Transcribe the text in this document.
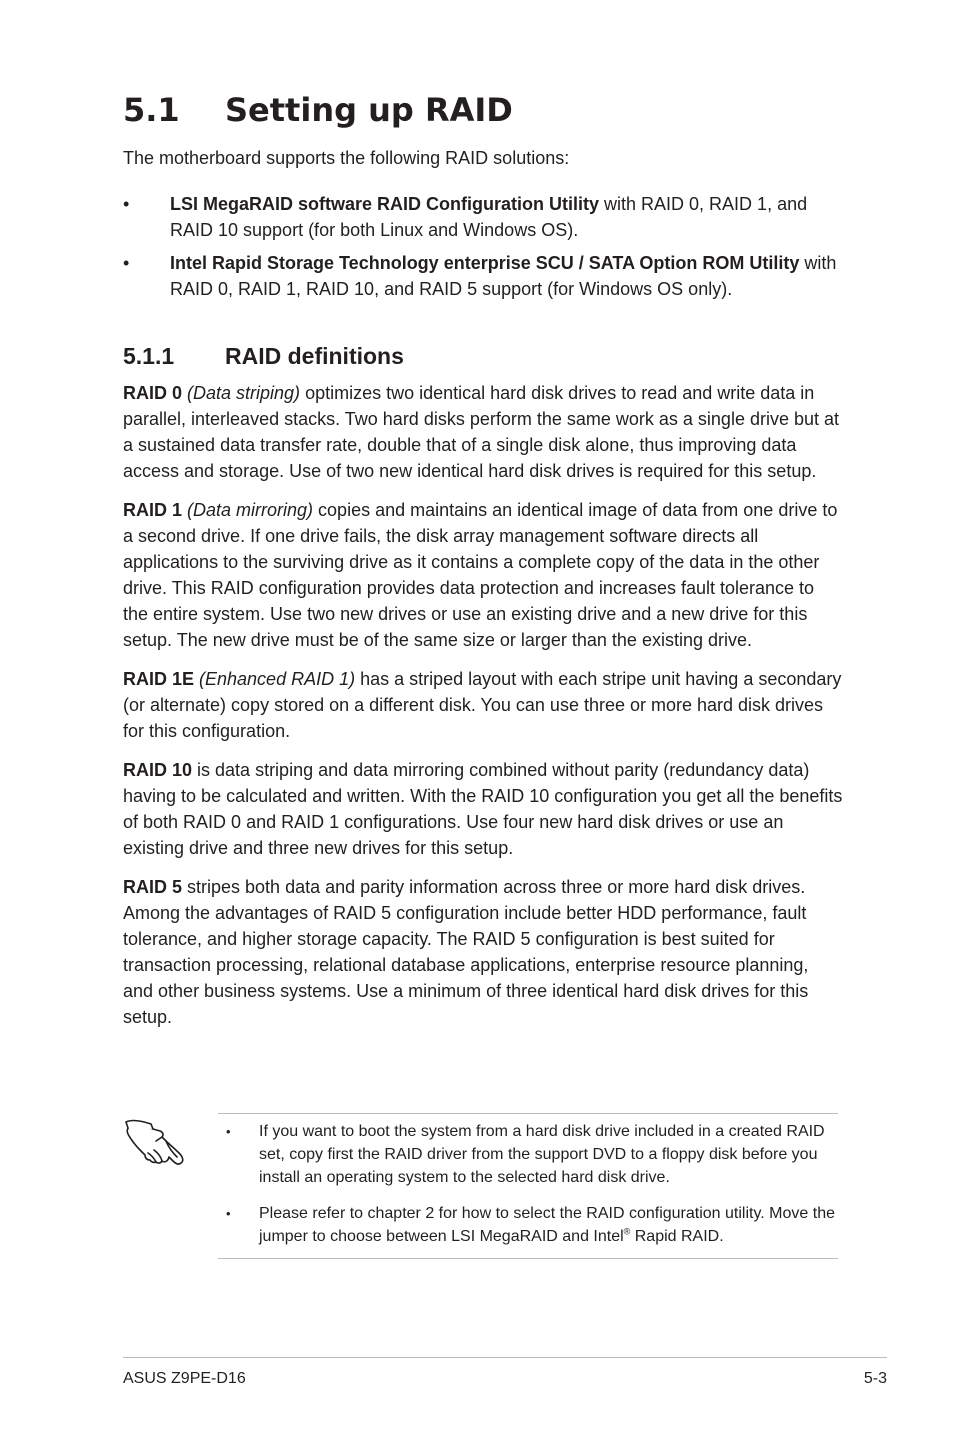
5.1 Setting up RAID

The motherboard supports the following RAID solutions:

• LSI MegaRAID software RAID Configuration Utility with RAID 0, RAID 1, and RAID 10 support (for both Linux and Windows OS).
• Intel Rapid Storage Technology enterprise SCU / SATA Option ROM Utility with RAID 0, RAID 1, RAID 10, and RAID 5 support (for Windows OS only).
5.1.1 RAID definitions

RAID 0 (Data striping) optimizes two identical hard disk drives to read and write data in parallel, interleaved stacks. Two hard disks perform the same work as a single drive but at a sustained data transfer rate, double that of a single disk alone, thus improving data access and storage. Use of two new identical hard disk drives is required for this setup.

RAID 1 (Data mirroring) copies and maintains an identical image of data from one drive to a second drive. If one drive fails, the disk array management software directs all applications to the surviving drive as it contains a complete copy of the data in the other drive. This RAID configuration provides data protection and increases fault tolerance to the entire system. Use two new drives or use an existing drive and a new drive for this setup. The new drive must be of the same size or larger than the existing drive.

RAID 1E (Enhanced RAID 1) has a striped layout with each stripe unit having a secondary (or alternate) copy stored on a different disk. You can use three or more hard disk drives for this configuration.

RAID 10 is data striping and data mirroring combined without parity (redundancy data) having to be calculated and written. With the RAID 10 configuration you get all the benefits of both RAID 0 and RAID 1 configurations. Use four new hard disk drives or use an existing drive and three new drives for this setup.

RAID 5 stripes both data and parity information across three or more hard disk drives. Among the advantages of RAID 5 configuration include better HDD performance, fault tolerance, and higher storage capacity. The RAID 5 configuration is best suited for transaction processing, relational database applications, enterprise resource planning, and other business systems. Use a minimum of three identical hard disk drives for this setup.

• If you want to boot the system from a hard disk drive included in a created RAID set, copy first the RAID driver from the support DVD to a floppy disk before you install an operating system to the selected hard disk drive.
• Please refer to chapter 2 for how to select the RAID configuration utility. Move the jumper to choose between LSI MegaRAID and Intel® Rapid RAID.
ASUS Z9PE-D16	5-3
